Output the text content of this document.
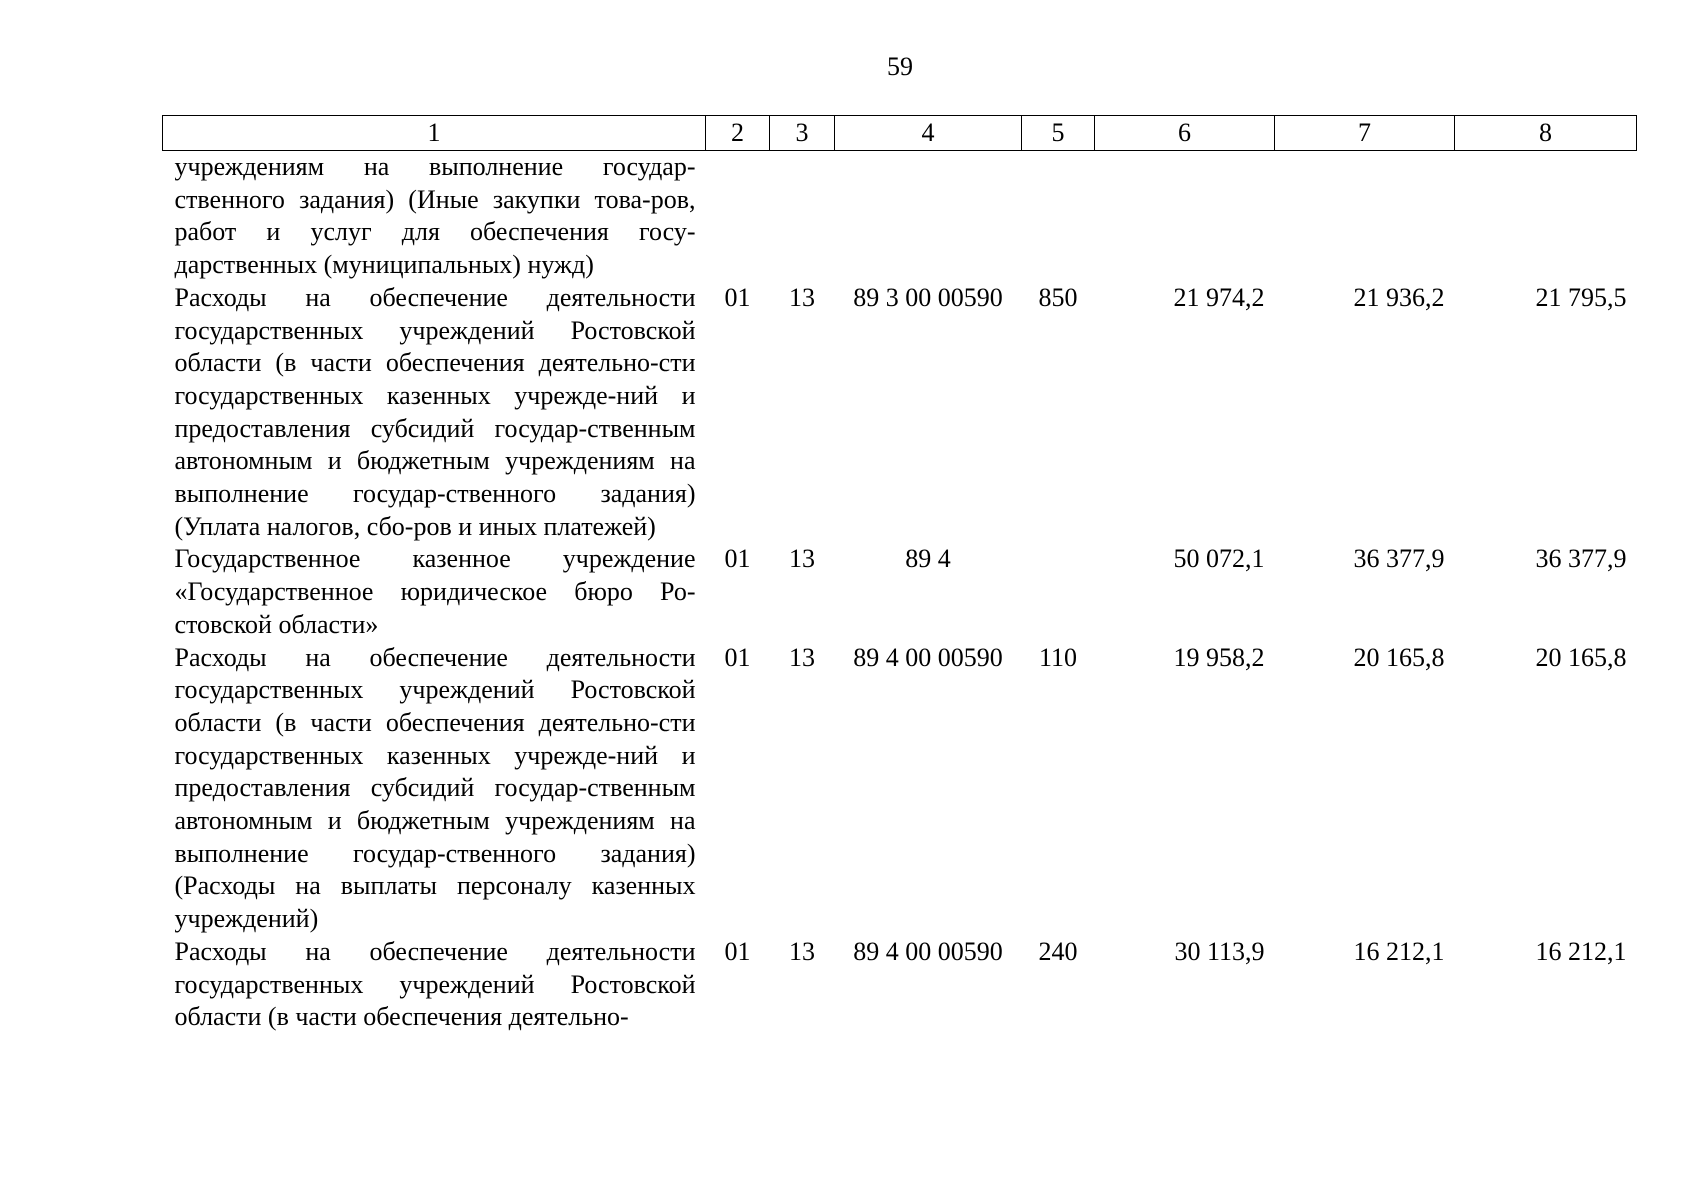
59
1	2	3	4	5	6	7	8
учреждениям на выполнение государ-ственного задания) (Иные закупки това-ров, работ и услуг для обеспечения госу-дарственных (муниципальных) нужд)							
Расходы на обеспечение деятельности государственных учреждений Ростовской области (в части обеспечения деятельно-сти государственных казенных учрежде-ний и предоставления субсидий государ-ственным автономным и бюджетным учреждениям на выполнение государ-ственного задания) (Уплата налогов, сбо-ров и иных платежей)	01	13	89 3 00 00590	850	21 974,2	21 936,2	21 795,5
Государственное казенное учреждение «Государственное юридическое бюро Ро-стовской области»	01	13	89 4		50 072,1	36 377,9	36 377,9
Расходы на обеспечение деятельности государственных учреждений Ростовской области (в части обеспечения деятельно-сти государственных казенных учрежде-ний и предоставления субсидий государ-ственным автономным и бюджетным учреждениям на выполнение государ-ственного задания) (Расходы на выплаты персоналу казенных учреждений)	01	13	89 4 00 00590	110	19 958,2	20 165,8	20 165,8
Расходы на обеспечение деятельности государственных учреждений Ростовской области (в части обеспечения деятельно-	01	13	89 4 00 00590	240	30 113,9	16 212,1	16 212,1
